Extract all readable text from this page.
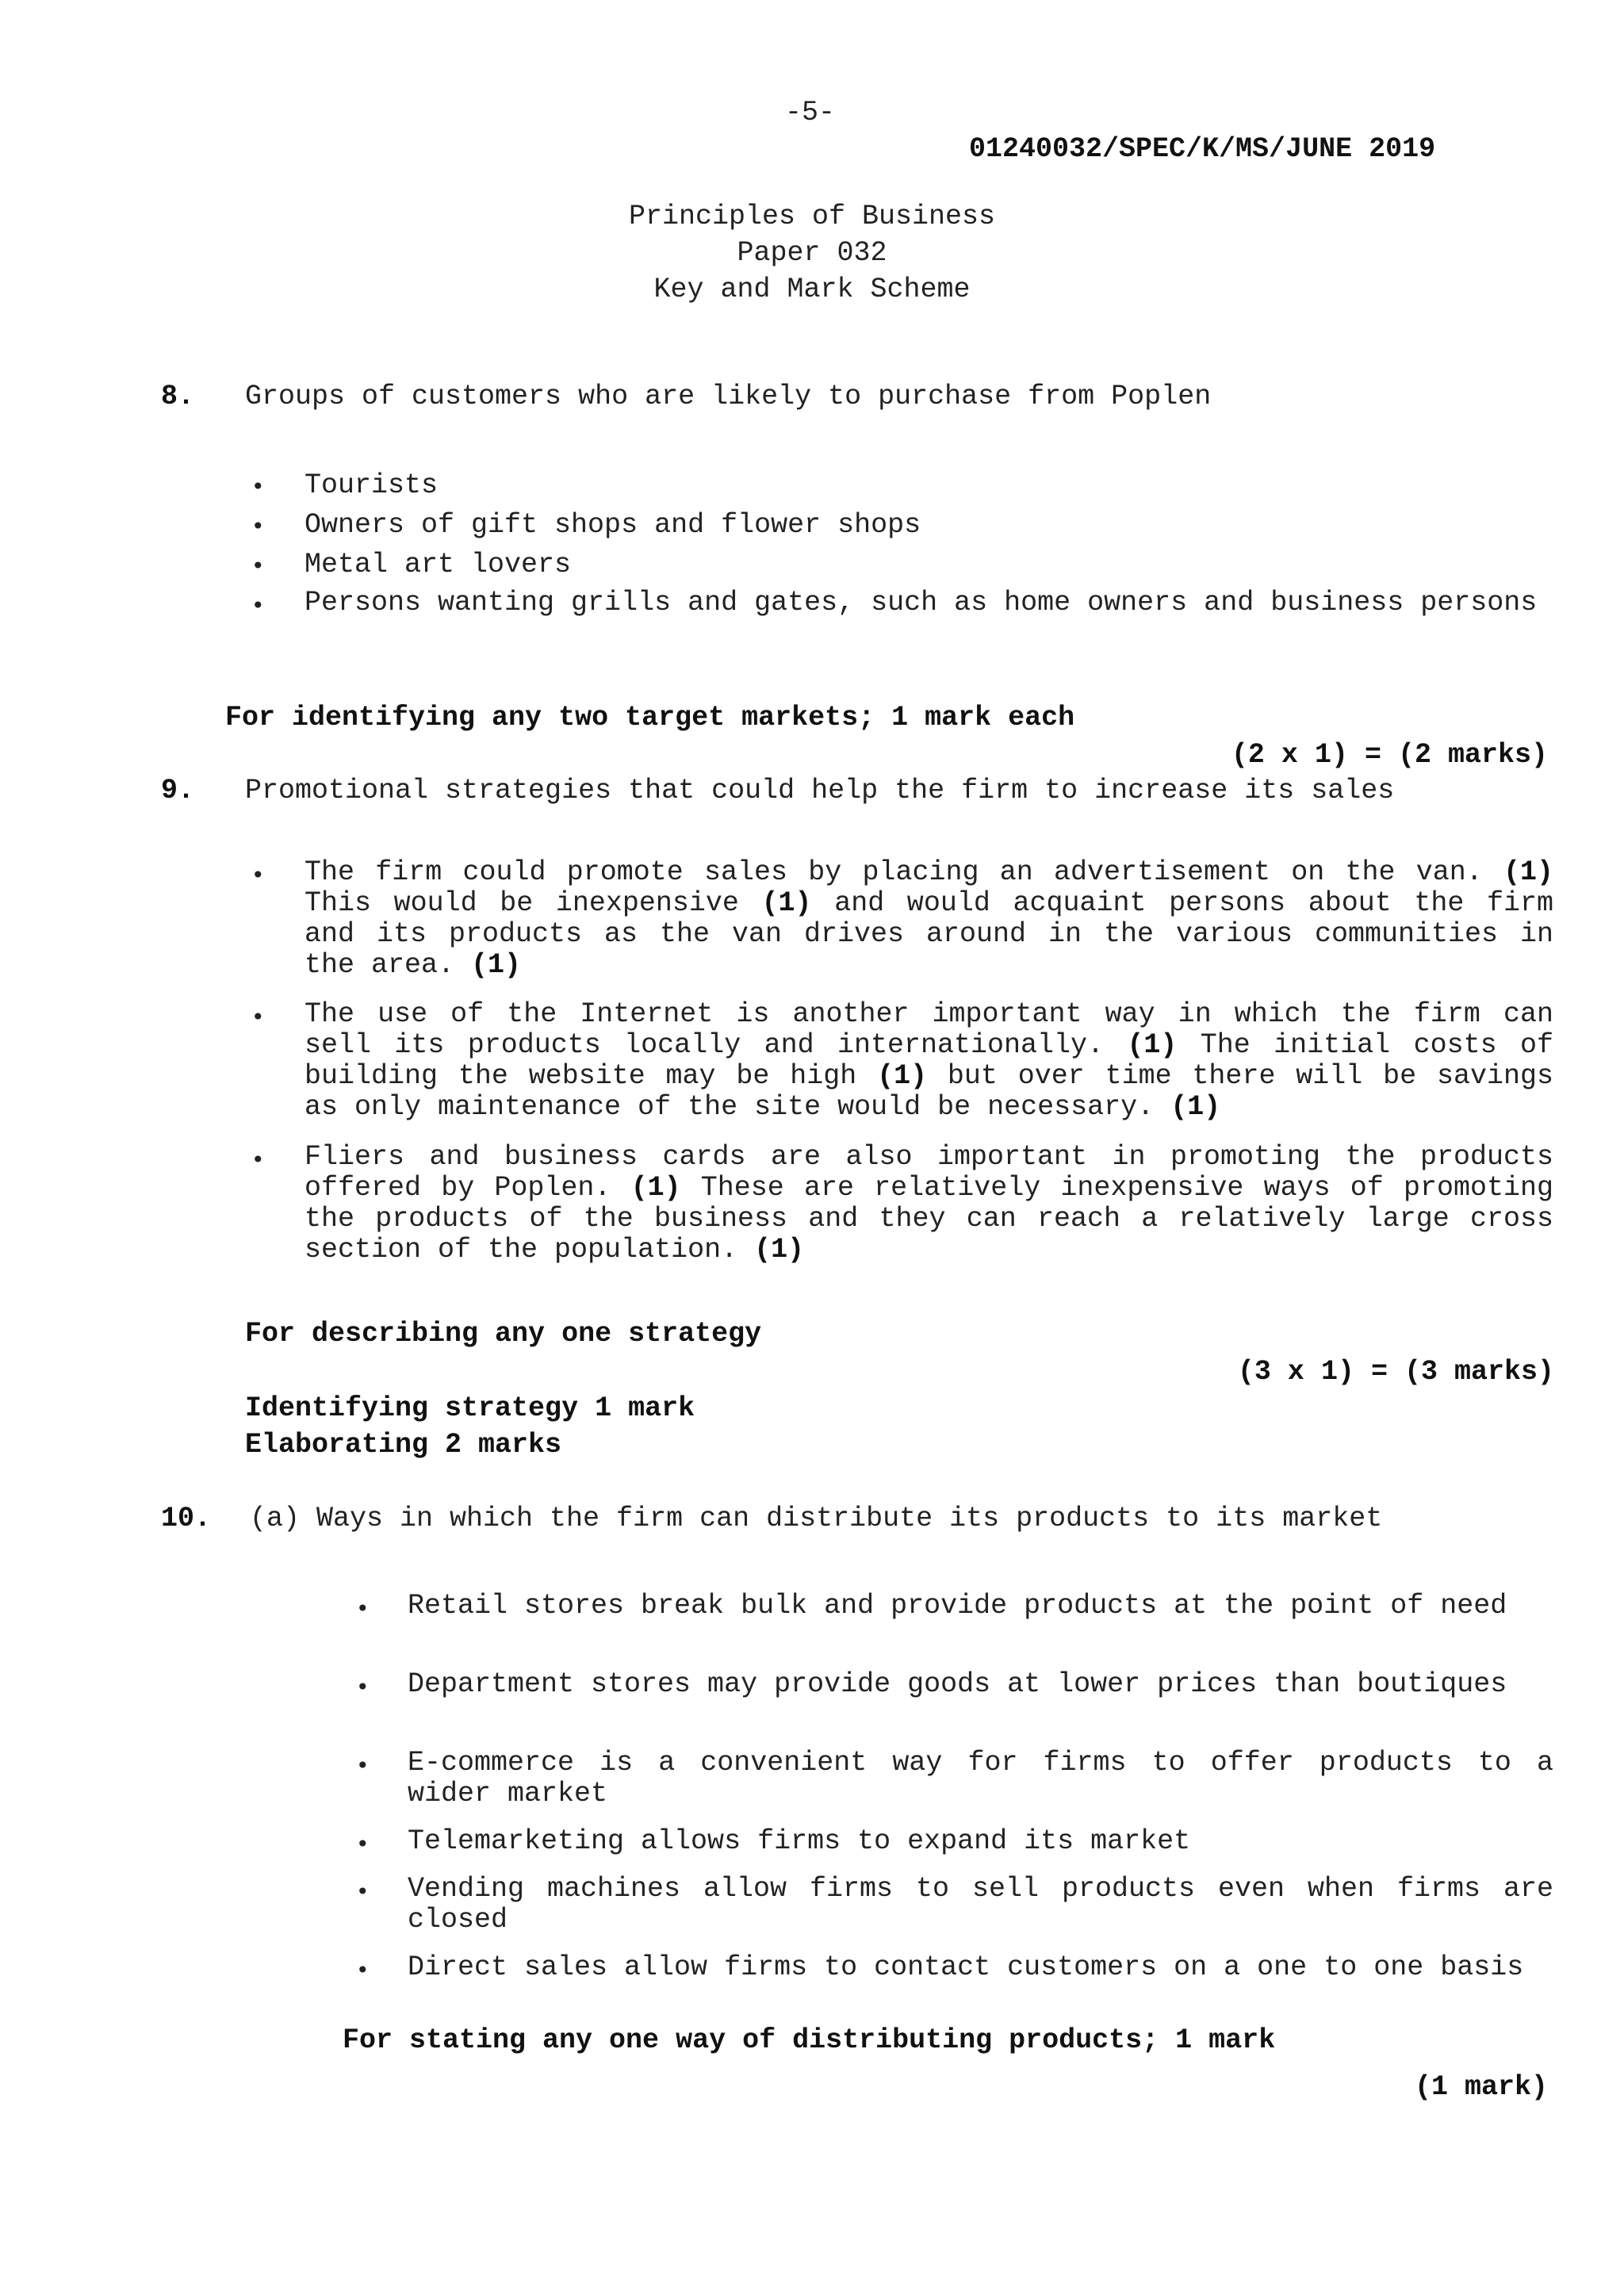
-5-
01240032/SPEC/K/MS/JUNE 2019
Principles of Business
Paper 032
Key and Mark Scheme
8. Groups of customers who are likely to purchase from Poplen
• Tourists
• Owners of gift shops and flower shops
• Metal art lovers
• Persons wanting grills and gates, such as home owners and business persons
For identifying any two target markets; 1 mark each
(2 x 1) = (2 marks)
9. Promotional strategies that could help the firm to increase its sales
• The firm could promote sales by placing an advertisement on the van. (1) This would be inexpensive (1) and would acquaint persons about the firm and its products as the van drives around in the various communities in the area. (1)
• The use of the Internet is another important way in which the firm can sell its products locally and internationally. (1) The initial costs of building the website may be high (1) but over time there will be savings as only maintenance of the site would be necessary. (1)
• Fliers and business cards are also important in promoting the products offered by Poplen. (1) These are relatively inexpensive ways of promoting the products of the business and they can reach a relatively large cross section of the population. (1)
For describing any one strategy
(3 x 1) = (3 marks)
Identifying strategy 1 mark
Elaborating 2 marks
10. (a) Ways in which the firm can distribute its products to its market
• Retail stores break bulk and provide products at the point of need
• Department stores may provide goods at lower prices than boutiques
• E-commerce is a convenient way for firms to offer products to a wider market
• Telemarketing allows firms to expand its market
• Vending machines allow firms to sell products even when firms are closed
• Direct sales allow firms to contact customers on a one to one basis
For stating any one way of distributing products; 1 mark
(1 mark)
